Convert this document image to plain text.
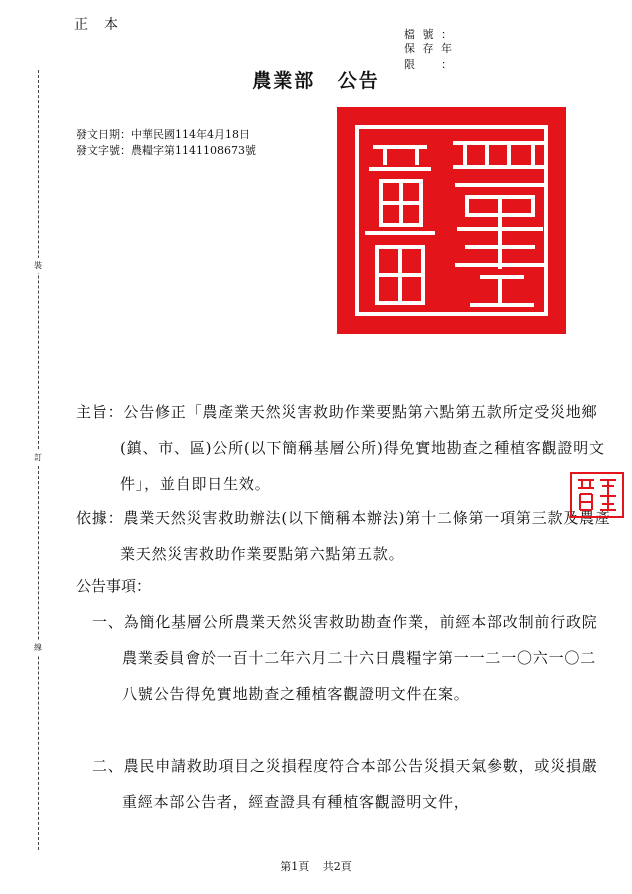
正本
檔號：
保存年限：
裝
訂
線
農業部 公告
發文日期：中華民國114年4月18日
發文字號：農糧字第1141108673號
主旨：公告修正「農產業天然災害救助作業要點第六點第五款所定受災地鄉(鎮、市、區)公所(以下簡稱基層公所)得免實地勘查之種植客觀證明文件」，並自即日生效。
依據：農業天然災害救助辦法(以下簡稱本辦法)第十二條第一項第三款及農產業天然災害救助作業要點第六點第五款。
公告事項：
一、為簡化基層公所農業天然災害救助勘查作業，前經本部改制前行政院農業委員會於一百十二年六月二十六日農糧字第一一二一〇六一〇二八號公告得免實地勘查之種植客觀證明文件在案。
二、農民申請救助項目之災損程度符合本部公告災損天氣參數，或災損嚴重經本部公告者，經查證具有種植客觀證明文件，
第1頁 共2頁
